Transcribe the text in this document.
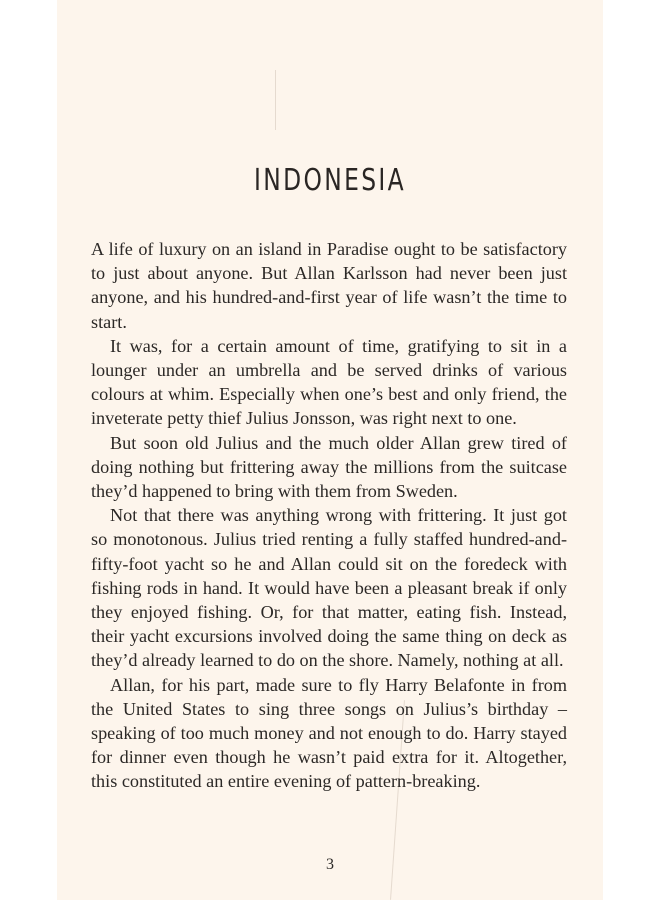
INDONESIA

A life of luxury on an island in Paradise ought to be satisfactory to just about anyone. But Allan Karlsson had never been just anyone, and his hundred-and-first year of life wasn’t the time to start.

It was, for a certain amount of time, gratifying to sit in a lounger under an umbrella and be served drinks of various colours at whim. Especially when one’s best and only friend, the inveterate petty thief Julius Jonsson, was right next to one.

But soon old Julius and the much older Allan grew tired of doing nothing but frittering away the millions from the suitcase they’d happened to bring with them from Sweden.

Not that there was anything wrong with frittering. It just got so monotonous. Julius tried renting a fully staffed hundred-and-fifty-foot yacht so he and Allan could sit on the foredeck with fishing rods in hand. It would have been a pleasant break if only they enjoyed fishing. Or, for that matter, eating fish. Instead, their yacht excursions involved doing the same thing on deck as they’d already learned to do on the shore. Namely, nothing at all.

Allan, for his part, made sure to fly Harry Belafonte in from the United States to sing three songs on Julius’s birthday – speaking of too much money and not enough to do. Harry stayed for dinner even though he wasn’t paid extra for it. Altogether, this constituted an entire evening of pattern-breaking.

3
